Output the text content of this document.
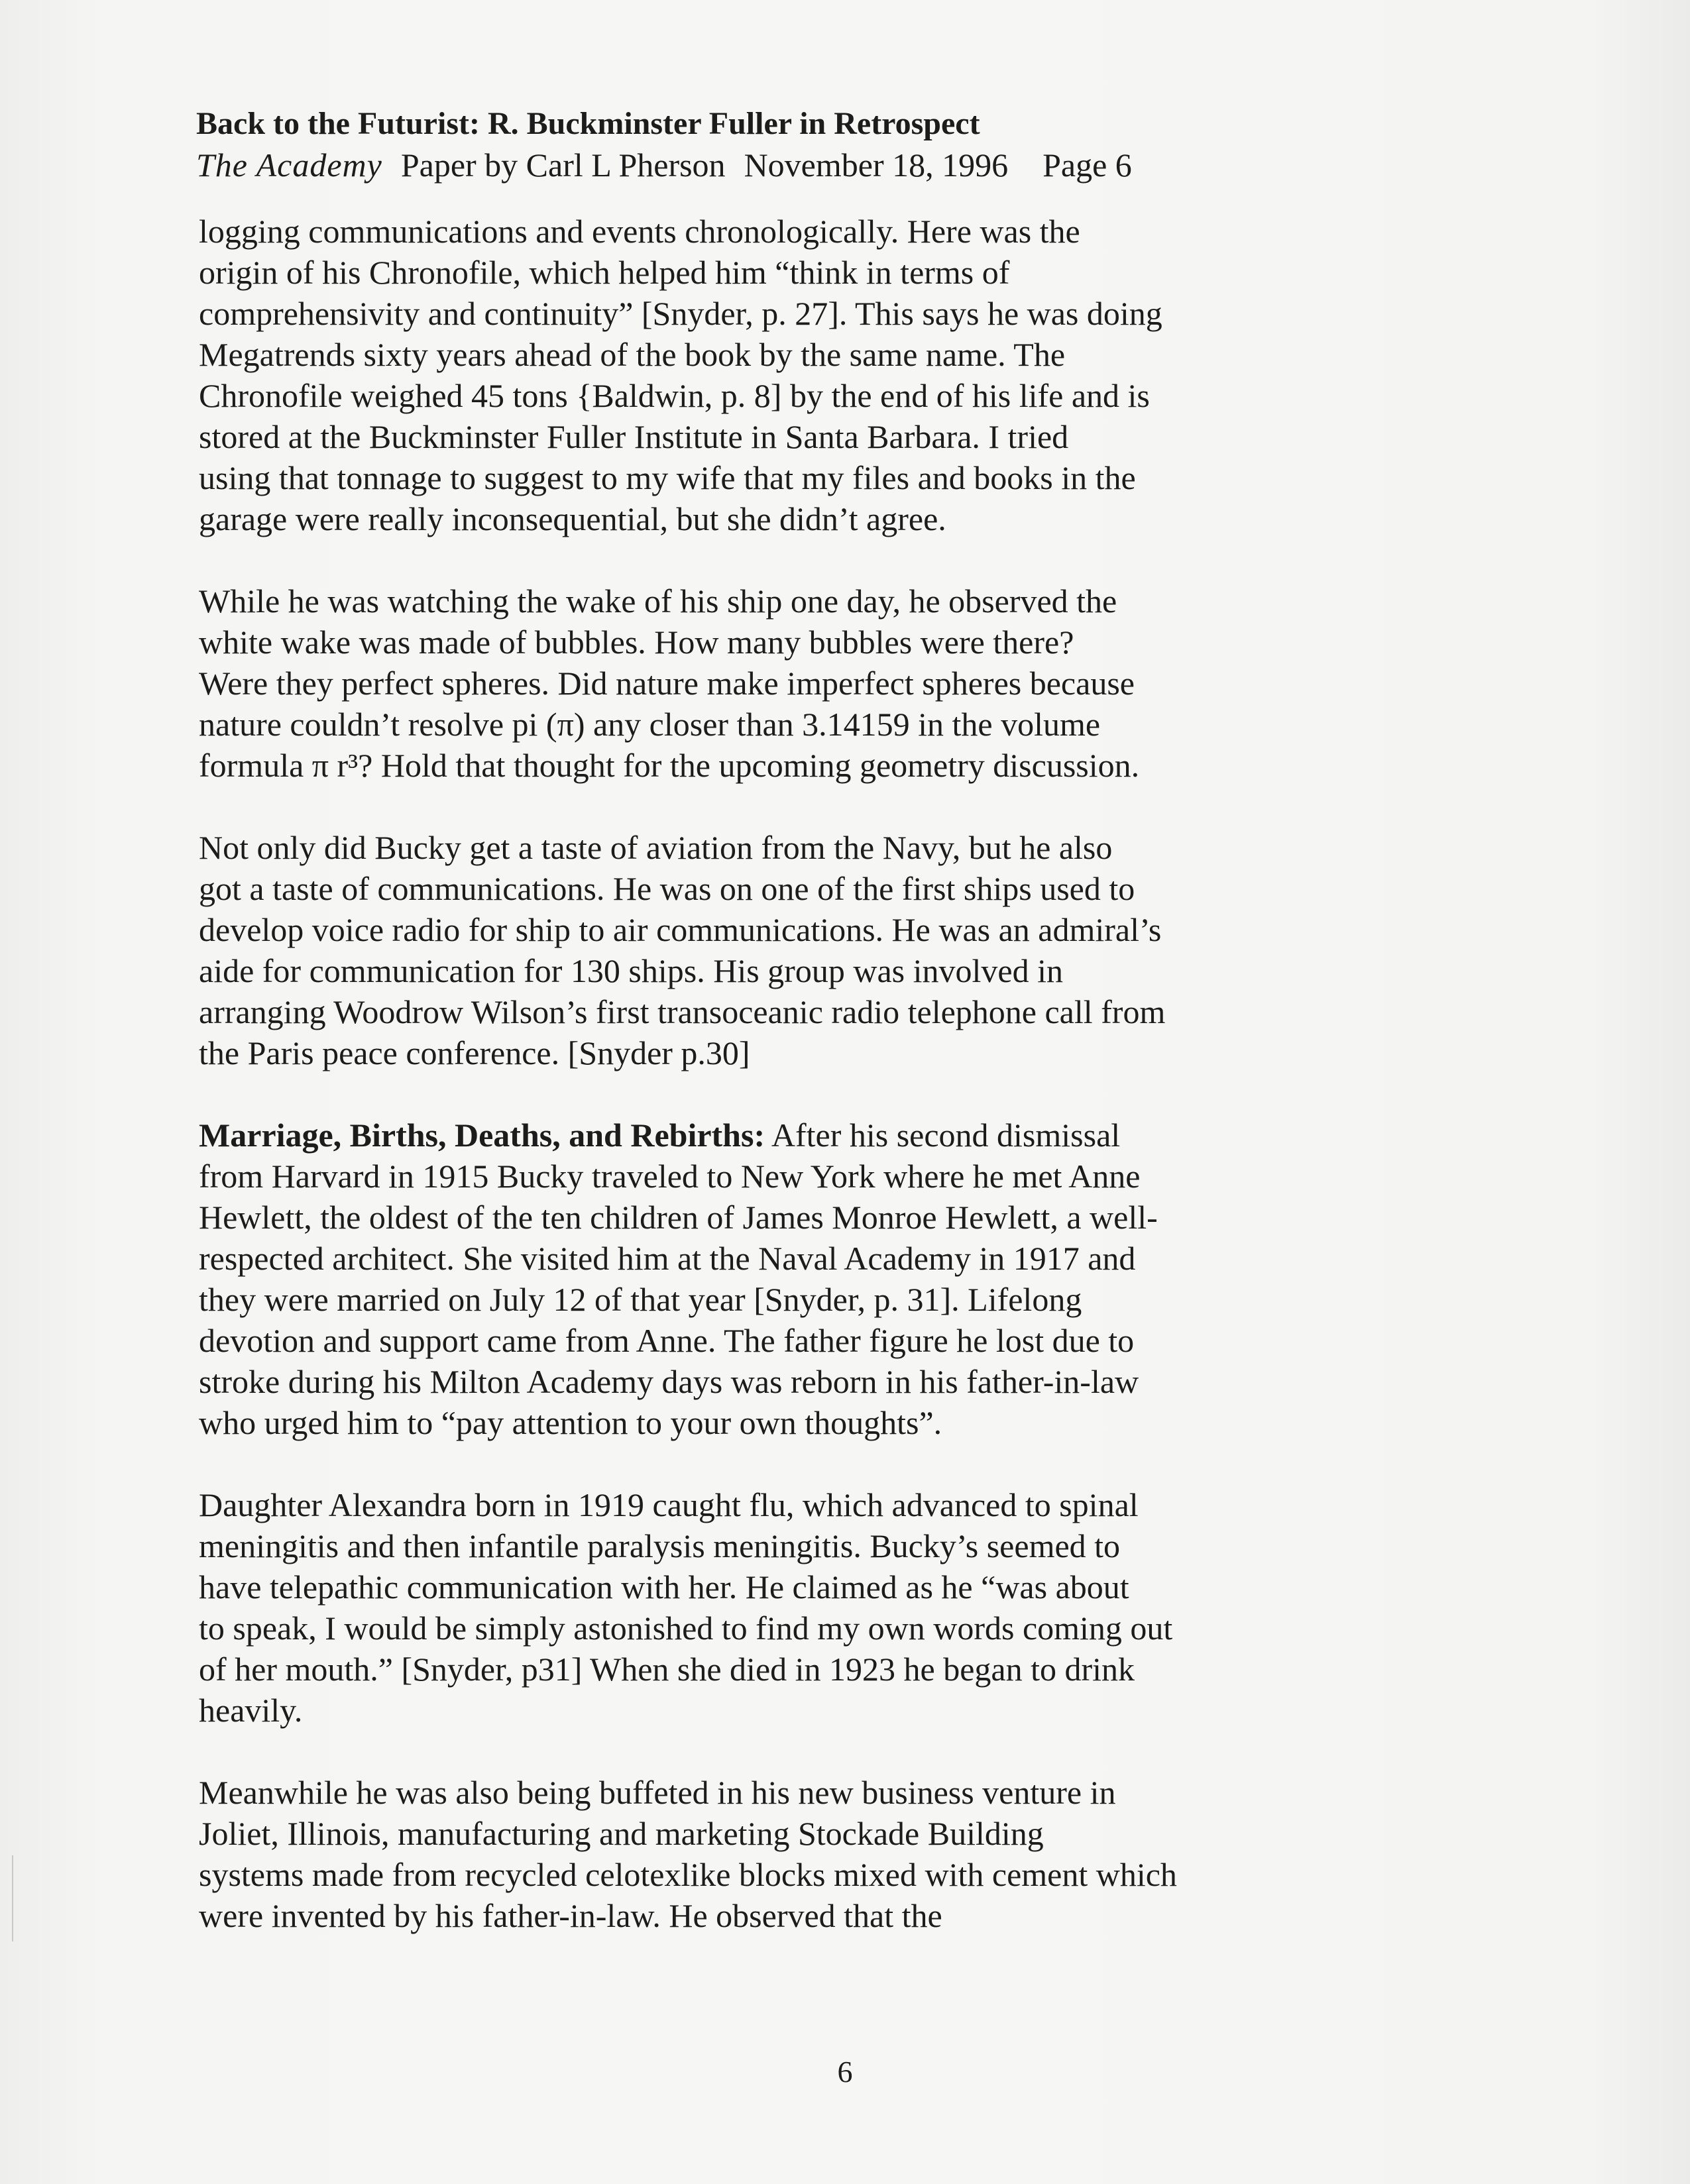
Back to the Futurist: R. Buckminster Fuller in Retrospect
The Academy Paper by Carl L Pherson November 18, 1996 Page 6
logging communications and events chronologically. Here was the
origin of his Chronofile, which helped him “think in terms of
comprehensivity and continuity” [Snyder, p. 27]. This says he was doing
Megatrends sixty years ahead of the book by the same name. The
Chronofile weighed 45 tons {Baldwin, p. 8] by the end of his life and is
stored at the Buckminster Fuller Institute in Santa Barbara. I tried
using that tonnage to suggest to my wife that my files and books in the
garage were really inconsequential, but she didn’t agree.
While he was watching the wake of his ship one day, he observed the
white wake was made of bubbles. How many bubbles were there?
Were they perfect spheres. Did nature make imperfect spheres because
nature couldn’t resolve pi (π) any closer than 3.14159 in the volume
formula π r³? Hold that thought for the upcoming geometry discussion.
Not only did Bucky get a taste of aviation from the Navy, but he also
got a taste of communications. He was on one of the first ships used to
develop voice radio for ship to air communications. He was an admiral’s
aide for communication for 130 ships. His group was involved in
arranging Woodrow Wilson’s first transoceanic radio telephone call from
the Paris peace conference. [Snyder p.30]
Marriage, Births, Deaths, and Rebirths: After his second dismissal
from Harvard in 1915 Bucky traveled to New York where he met Anne
Hewlett, the oldest of the ten children of James Monroe Hewlett, a well-
respected architect. She visited him at the Naval Academy in 1917 and
they were married on July 12 of that year [Snyder, p. 31]. Lifelong
devotion and support came from Anne. The father figure he lost due to
stroke during his Milton Academy days was reborn in his father-in-law
who urged him to “pay attention to your own thoughts”.
Daughter Alexandra born in 1919 caught flu, which advanced to spinal
meningitis and then infantile paralysis meningitis. Bucky’s seemed to
have telepathic communication with her. He claimed as he “was about
to speak, I would be simply astonished to find my own words coming out
of her mouth.” [Snyder, p31] When she died in 1923 he began to drink
heavily.
Meanwhile he was also being buffeted in his new business venture in
Joliet, Illinois, manufacturing and marketing Stockade Building
systems made from recycled celotexlike blocks mixed with cement which
were invented by his father-in-law. He observed that the
6
